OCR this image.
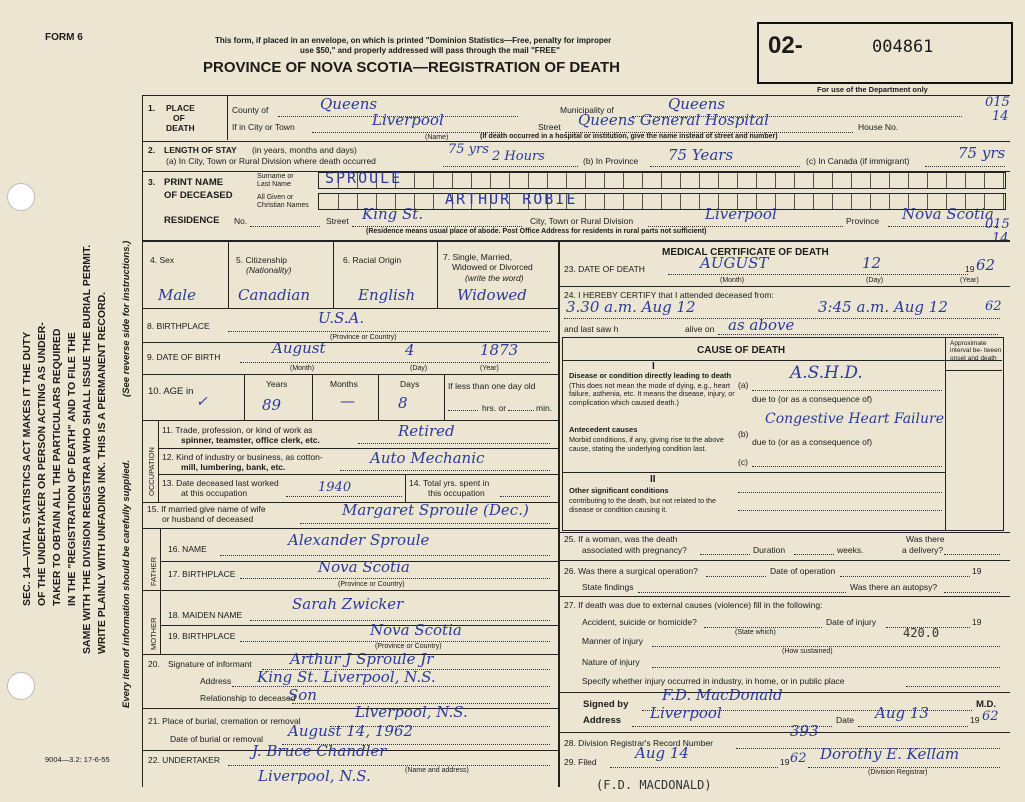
FORM 6	This form, if placed in an envelope, on which is printed "Dominion Statistics—Free, penalty for improper
use $50," and properly addressed will pass through the mail "FREE"
PROVINCE OF NOVA SCOTIA—REGISTRATION OF DEATH
02-	004861
For use of the Department only
015
14
015
14
SEC. 14—VITAL STATISTICS ACT MAKES IT THE DUTY OF THE UNDERTAKER OR PERSON ACTING AS UNDER- TAKER TO OBTAIN ALL THE PARTICULARS REQUIRED IN THE "REGISTRATION OF DEATH" AND TO FILE THE SAME WITH THE DIVISION REGISTRAR WHO SHALL ISSUE THE BURIAL PERMIT. WRITE PLAINLY WITH UNFADING INK. THIS IS A PERMANENT RECORD. Every item of information should be carefully supplied.
(See reverse side for instructions.)
1. PLACE
OF
DEATH
County of	Queens	Municipality of	Queens
If in City or Town	Liverpool
(Name)
Street Queens General Hospital	House No.
(If death occurred in a hospital or institution, give the name instead of street and number)
2. LENGTH OF STAY (in years, months and days)
(a) In City, Town or Rural Division where death occurred
75 yrs 2 Hours	(b) In Province 75 Years	(c) In Canada (if immigrant)	75 yrs
3. PRINT NAME
OF DECEASED
Surname or
Last Name SPROULE
All Given or
Christian Names	ARTHUR ROBIE
RESIDENCE No.	Street King St.	City, Town or Rural Division	Liverpool	Province Nova Scotia
(Residence means usual place of abode. Post Office Address for residents in rural parts not sufficient)
4. Sex	5. Citizenship
(Nationality)
6. Racial Origin	7. Single, Married,
Widowed or Divorced
(write the word)
Male	Canadian	English	Widowed
8. BIRTHPLACE	U.S.A.
(Province or Country)
9. DATE OF BIRTH	August	4	1873
(Month)	(Day)	(Year)
10. AGE in
✓
Years	Months	Days
89	—	8
If less than one day old
hrs. or	min.
OCCUPATION
11. Trade, profession, or kind of work as
spinner, teamster, office clerk, etc.	Retired
12. Kind of industry or business, as cotton-
mill, lumbering, bank, etc.	Auto Mechanic
13. Date deceased last worked
at this occupation	1940	14. Total yrs. spent in
this occupation
15. If married give name of wife
or husband of deceased	Margaret Sproule (Dec.)
FATHER
16. NAME	Alexander Sproule
17. BIRTHPLACE	Nova Scotia
(Province or Country)
MOTHER
18. MAIDEN NAME
Sarah Zwicker
19. BIRTHPLACE	Nova Scotia
(Province or Country)
20. Signature of informant	Arthur J Sproule Jr
Address King St. Liverpool, N.S.
Relationship to deceased
Son
21. Place of burial, cremation or removal	Liverpool, N.S.
Date of burial or removal August 14, 1962
22. UNDERTAKER J. Bruce Chandler
(Name and address)
Liverpool, N.S.
9004—3.2: 17-6-55
(F.D. MACDONALD)
MEDICAL CERTIFICATE OF DEATH
23. DATE OF DEATH	AUGUST	12	19 62
(Month)	(Day)	(Year)
24. I HEREBY CERTIFY that I attended deceased from:
3.30 a.m. Aug 12	3:45 a.m. Aug 12	62
and last saw h	alive on as above
CAUSE OF DEATH
Approximate interval be- tween onset and death
I
Disease or condition directly leading to death
(This does not mean the mode of dying, e.g., heart failure, asthenia, etc. It means the disease, injury, or complication which caused death.)
(a)
A.S.H.D.
due to (or as a consequence of)
Antecedent causes
Morbid conditions, if any, giving rise to the above cause, stating the underlying condition last.
(b)
Congestive Heart Failure
due to (or as a consequence of)
(c)
II
Other significant conditions
contributing to the death, but not related to the disease or condition causing it.
25. If a woman, was the death
associated with pregnancy?	Duration	weeks.
Was there
a delivery?
26. Was there a surgical operation?	Date of operation	19
State findings	Was there an autopsy?
27. If death was due to external causes (violence) fill in the following:
Accident, suicide or homicide?
(State which)
Date of injury	19
420.0
Manner of injury
(How sustained)
Nature of injury
Specify whether injury occurred in industry, in home, or in public place
Signed by
F.D. MacDonald
M.D.
Address Liverpool	Date Aug 13	19 62
28. Division Registrar's Record Number
393
29. Filed	Aug 14	19 62 Dorothy E. Kellam
(Division Registrar)
